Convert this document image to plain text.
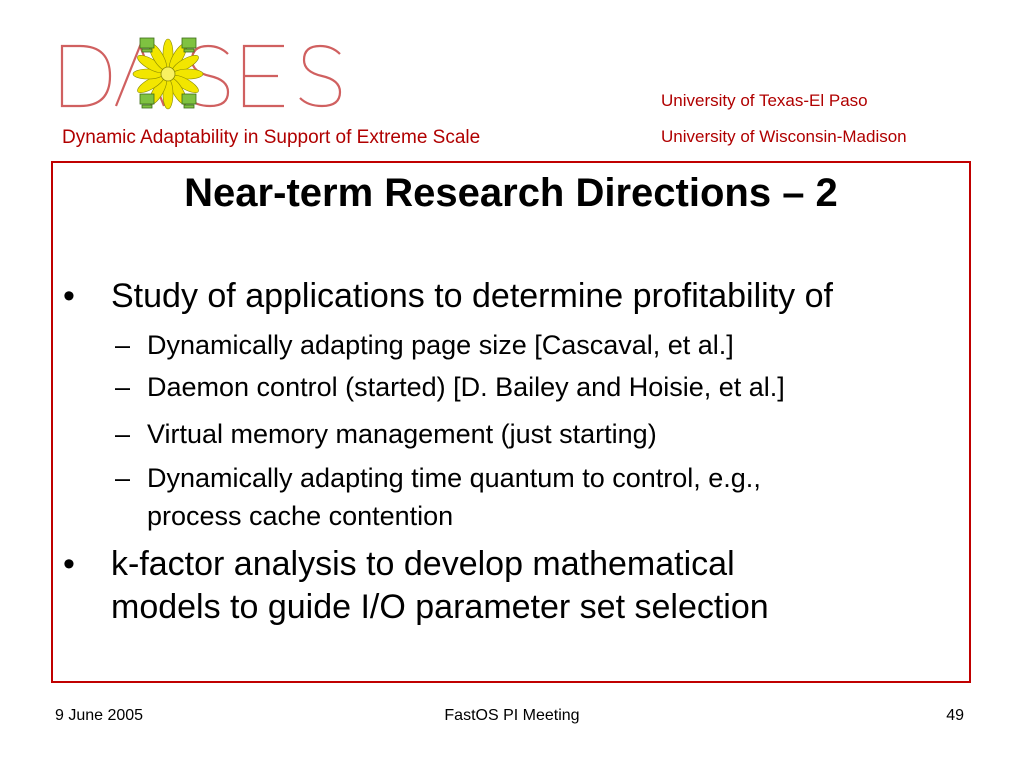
Dynamic Adaptability in Support of Extreme Scale
University of Texas-El Paso
University of Wisconsin-Madison
Near-term Research Directions – 2
• Study of applications to determine profitability of
– Dynamically adapting page size [Cascaval, et al.]
– Daemon control (started) [D. Bailey and Hoisie, et al.]
– Virtual memory management (just starting)
– Dynamically adapting time quantum to control, e.g.,
process cache contention
• k-factor analysis to develop mathematical
models to guide I/O parameter set selection
9 June 2005	FastOS PI Meeting	49
